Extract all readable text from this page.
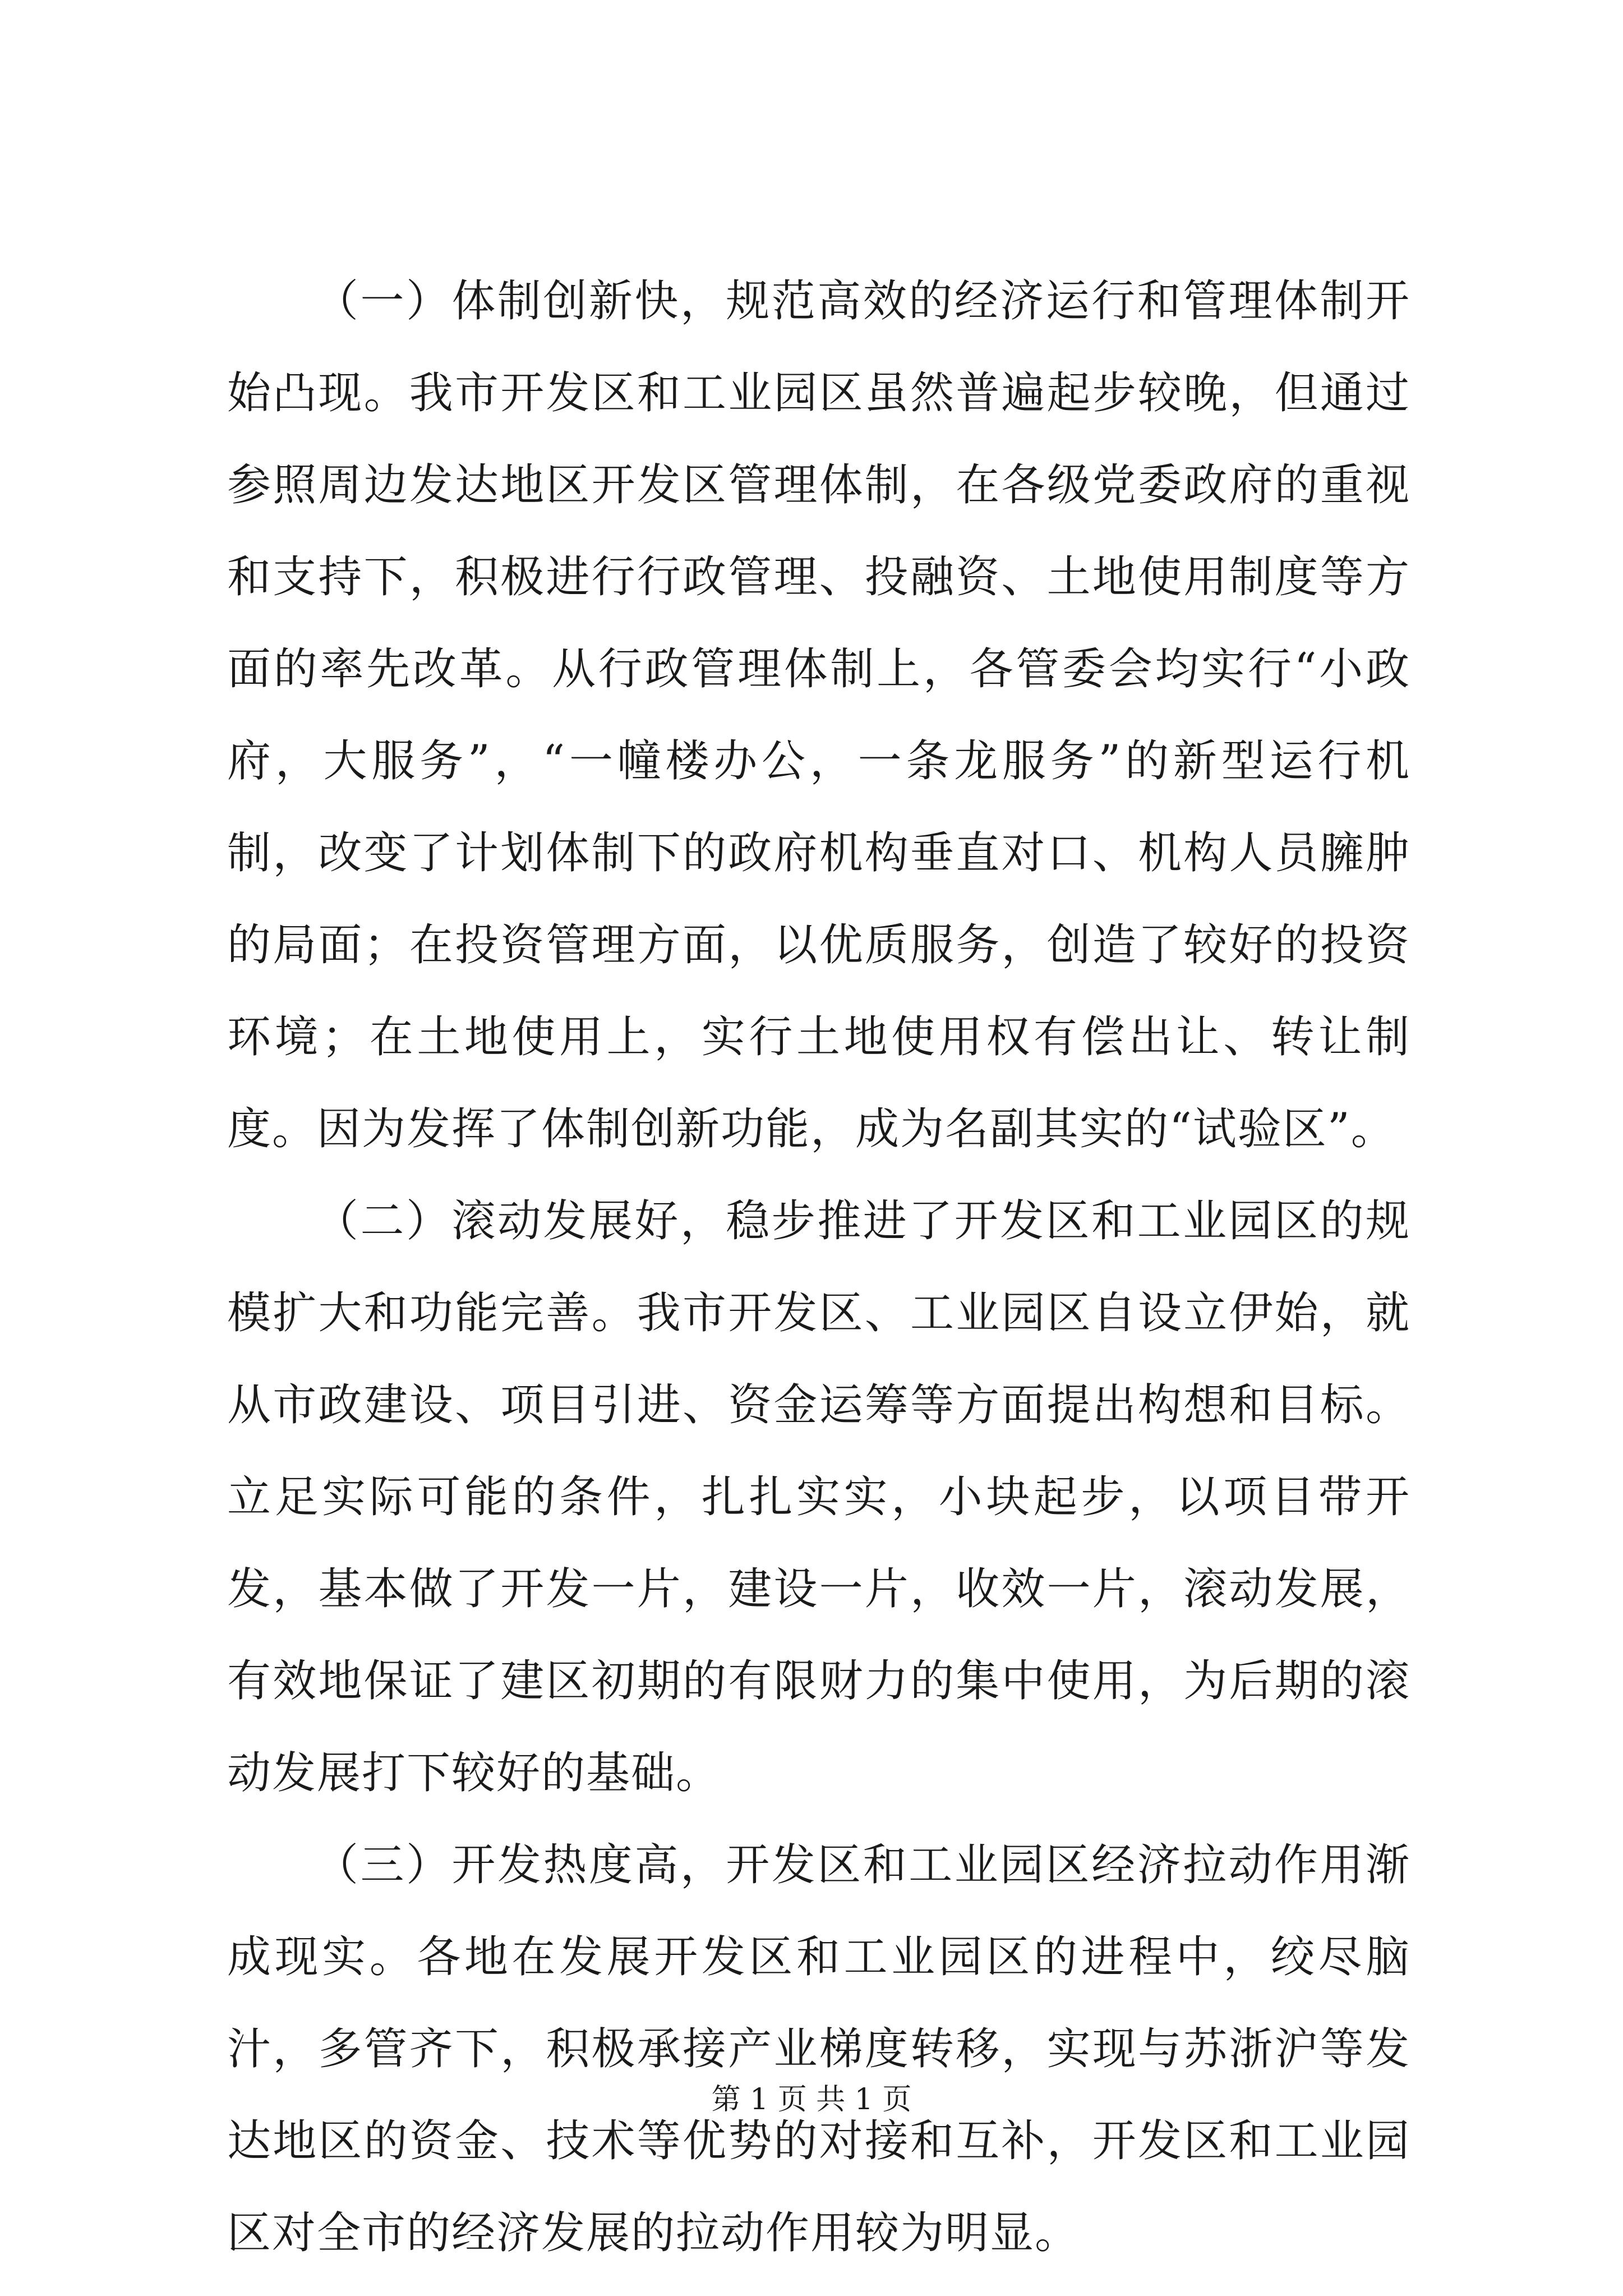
（一）体制创新快，规范高效的经济运行和管理体制开始凸现。我市开发区和工业园区虽然普遍起步较晚，但通过参照周边发达地区开发区管理体制，在各级党委政府的重视和支持下，积极进行行政管理、投融资、土地使用制度等方面的率先改革。从行政管理体制上，各管委会均实行“小政府，大服务”，“一幢楼办公，一条龙服务”的新型运行机制，改变了计划体制下的政府机构垂直对口、机构人员臃肿的局面；在投资管理方面，以优质服务，创造了较好的投资环境；在土地使用上，实行土地使用权有偿出让、转让制度。因为发挥了体制创新功能，成为名副其实的“试验区”。

（二）滚动发展好，稳步推进了开发区和工业园区的规模扩大和功能完善。我市开发区、工业园区自设立伊始，就从市政建设、项目引进、资金运筹等方面提出构想和目标。立足实际可能的条件，扎扎实实，小块起步，以项目带开发，基本做了开发一片，建设一片，收效一片，滚动发展，有效地保证了建区初期的有限财力的集中使用，为后期的滚动发展打下较好的基础。

（三）开发热度高，开发区和工业园区经济拉动作用渐成现实。各地在发展开发区和工业园区的进程中，绞尽脑汁，多管齐下，积极承接产业梯度转移，实现与苏浙沪等发达地区的资金、技术等优势的对接和互补，开发区和工业园区对全市的经济发展的拉动作用较为明显。

第 1 页 共 1 页
